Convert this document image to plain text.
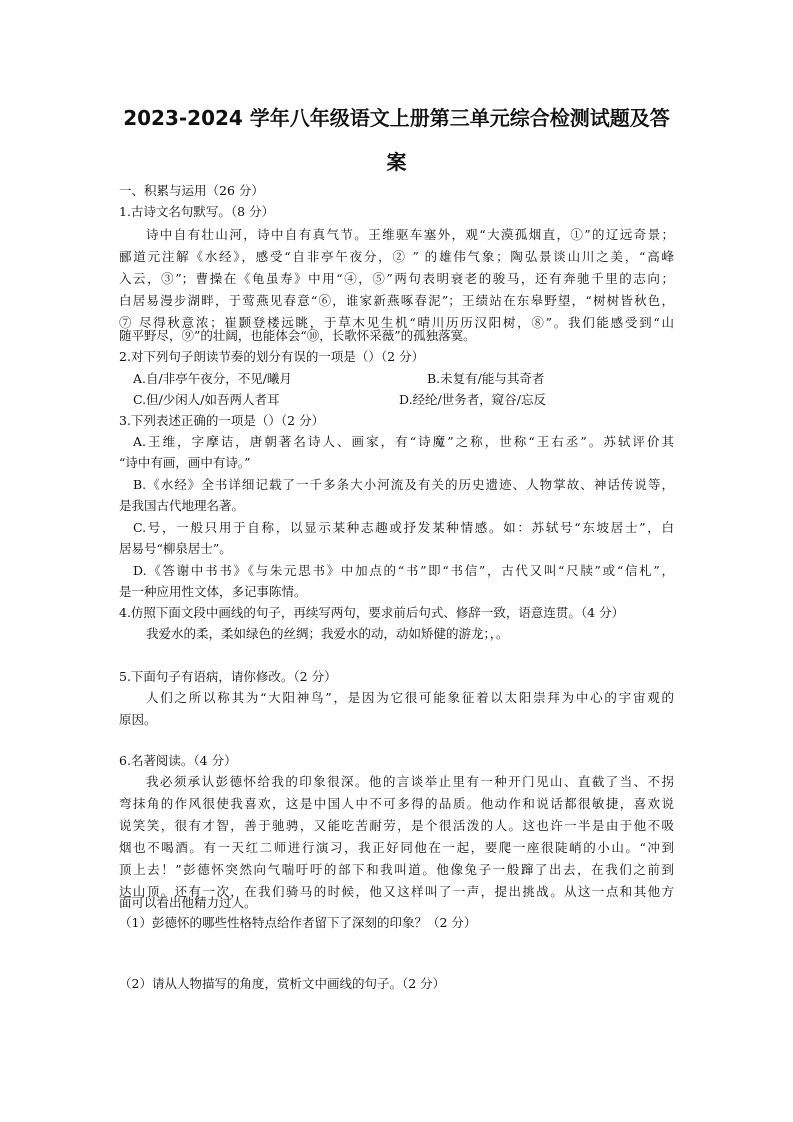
2023-2024 学年八年级语文上册第三单元综合检测试题及答
案
一、积累与运用（26 分）
1.古诗文名句默写。（8 分）
诗中自有壮山河，诗中自有真气节。王维驱车塞外，观“大漠孤烟直，①”的辽远奇景；
郦道元注解《水经》，感受“自非亭午夜分，② ” 的雄伟气象；陶弘景谈山川之美，“高峰
入云，③”；曹操在《龟虽寿》中用“④，⑤”两句表明衰老的骏马，还有奔驰千里的志向；
白居易漫步湖畔，于莺燕见春意“⑥，谁家新燕啄春泥”；王绩站在东皋野望，“树树皆秋色，
⑦ 尽得秋意浓；崔颢登楼远眺，于草木见生机“晴川历历汉阳树，⑧”。我们能感受到“山
随平野尽，⑨”的壮阔，也能体会“⑩，长歌怀采薇”的孤独落寞。
2.对下列句子朗读节奏的划分有误的一项是（）（2 分）
A.自/非亭午夜分，不见/曦月	B.未复有/能与其奇者
C.但/少闲人/如吾两人者耳	D.经纶/世务者，窥谷/忘反
3.下列表述正确的一项是（）（2 分）
A.王维，字摩诘，唐朝著名诗人、画家，有“诗魔”之称，世称“王右丞”。苏轼评价其
“诗中有画，画中有诗。”
B.《水经》全书详细记载了一千多条大小河流及有关的历史遗迹、人物掌故、神话传说等，
是我国古代地理名著。
C.号，一般只用于自称，以显示某种志趣或抒发某种情感。如：苏轼号“东坡居士”，白
居易号“柳泉居士”。
D.《答谢中书书》《与朱元思书》中加点的“书”即“书信”，古代又叫“尺牍”或“信札”，
是一种应用性文体，多记事陈情。
4.仿照下面文段中画线的句子，再续写两句，要求前后句式、修辞一致，语意连贯。（4 分）
我爱水的柔，柔如绿色的丝绸；我爱水的动，动如矫健的游龙；，。
5.下面句子有语病，请你修改。（2 分）
人们之所以称其为“大阳神鸟”，是因为它很可能象征着以太阳崇拜为中心的宇宙观的
原因。
6.名著阅读。（4 分）
我必须承认彭德怀给我的印象很深。他的言谈举止里有一种开门见山、直截了当、不拐
弯抹角的作风很使我喜欢，这是中国人中不可多得的品质。他动作和说话都很敏捷，喜欢说
说笑笑，很有才智，善于驰骋，又能吃苦耐劳，是个很活泼的人。这也许一半是由于他不吸
烟也不喝酒。有一天红二师进行演习，我正好同他在一起，要爬一座很陡峭的小山。“冲到
顶上去！”彭德怀突然向气喘吁吁的部下和我叫道。他像兔子一般蹿了出去，在我们之前到
达山顶。还有一次，在我们骑马的时候，他又这样叫了一声，提出挑战。从这一点和其他方
面可以看出他精力过人。
（1）彭德怀的哪些性格特点给作者留下了深刻的印象？（2 分）
（2）请从人物描写的角度，赏析文中画线的句子。（2 分）
